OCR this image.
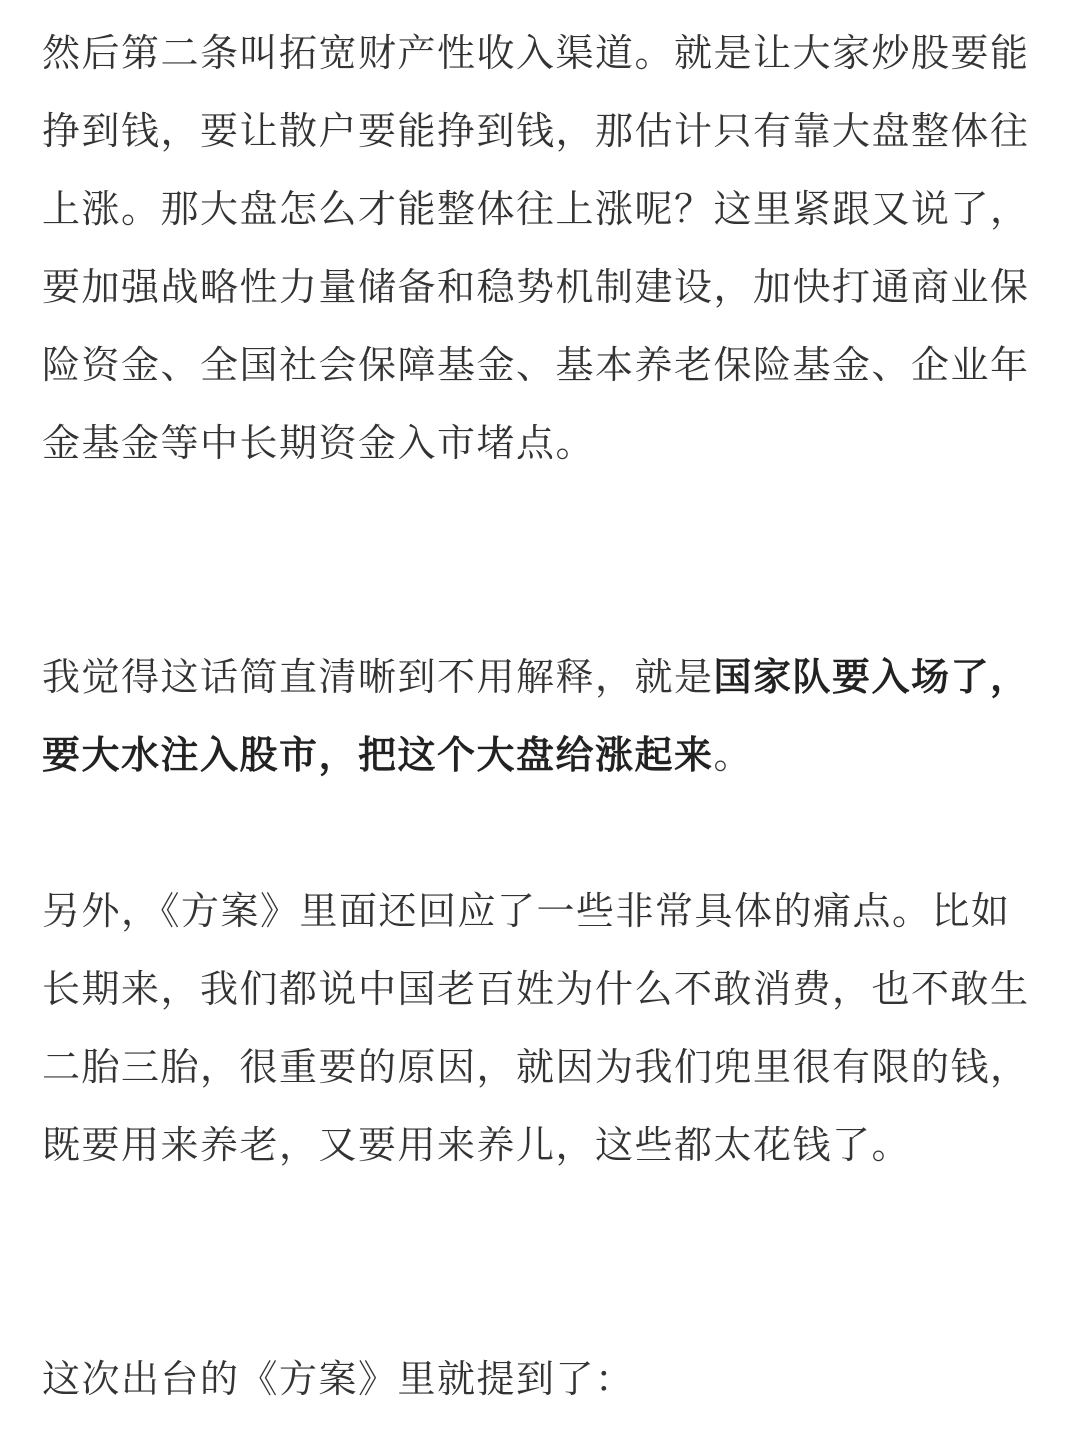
然后第二条叫拓宽财产性收入渠道。就是让大家炒股要能挣到钱，要让散户要能挣到钱，那估计只有靠大盘整体往上涨。那大盘怎么才能整体往上涨呢？这里紧跟又说了，要加强战略性力量储备和稳势机制建设，加快打通商业保险资金、全国社会保障基金、基本养老保险基金、企业年金基金等中长期资金入市堵点。

我觉得这话简直清晰到不用解释，就是国家队要入场了，要大水注入股市，把这个大盘给涨起来。

另外，《方案》里面还回应了一些非常具体的痛点。比如长期来，我们都说中国老百姓为什么不敢消费，也不敢生二胎三胎，很重要的原因，就因为我们兜里很有限的钱，既要用来养老，又要用来养儿，这些都太花钱了。

这次出台的《方案》里就提到了：
